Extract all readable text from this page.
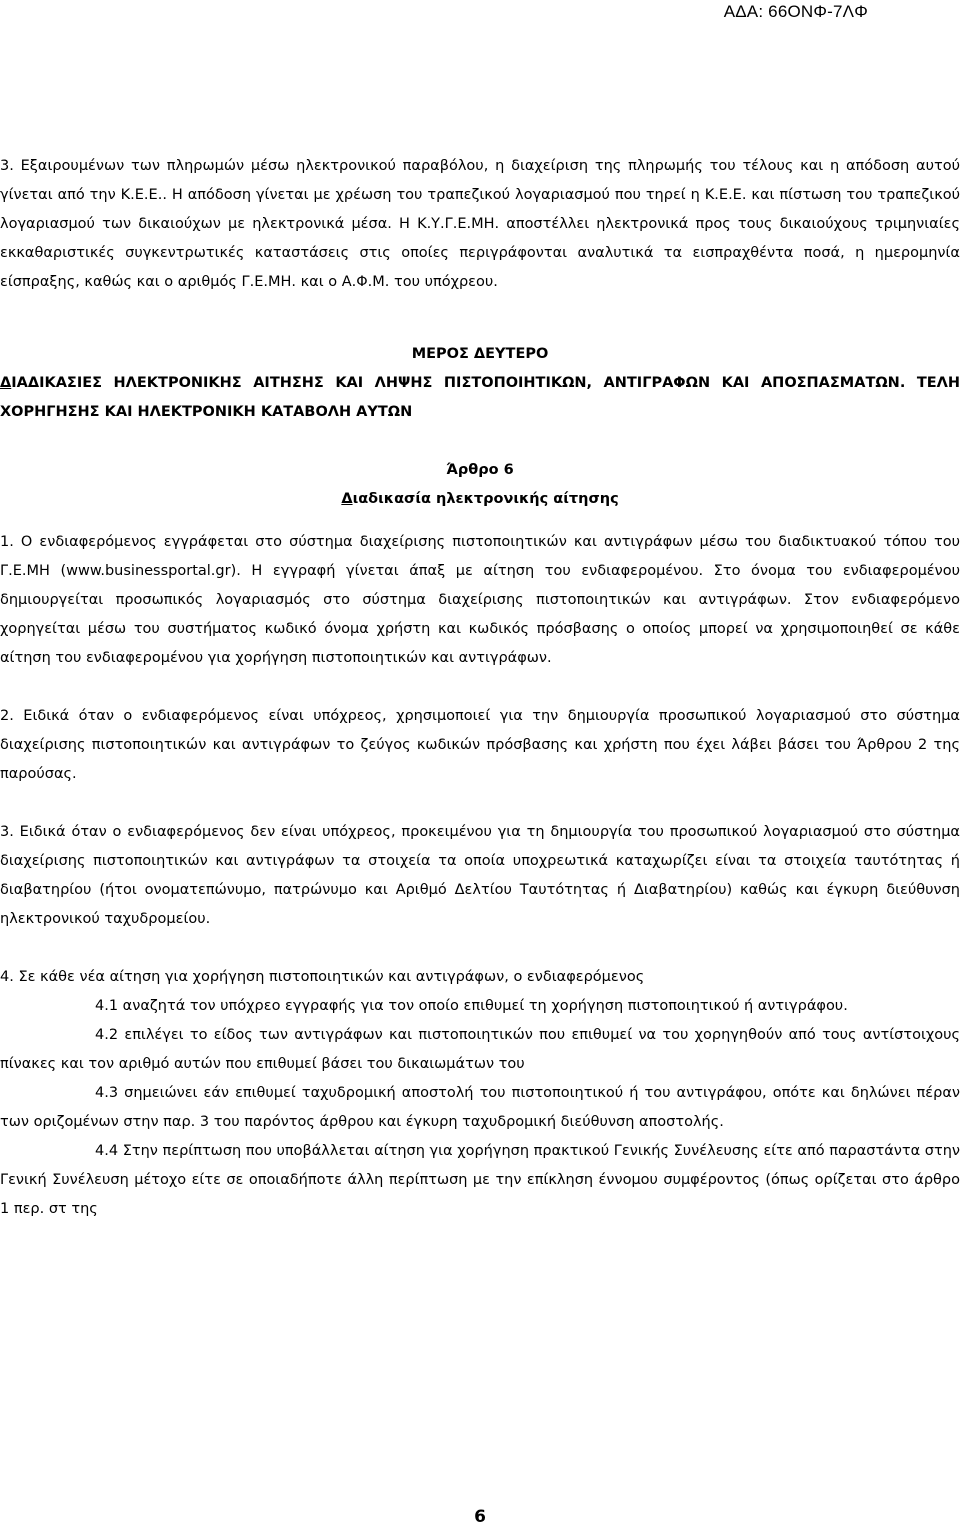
ΑΔΑ: 66ΟΝΦ-7ΛΦ

3. Εξαιρουμένων των πληρωμών μέσω ηλεκτρονικού παραβόλου, η διαχείριση της πληρωμής του τέλους και η απόδοση αυτού γίνεται από την Κ.Ε.Ε.. Η απόδοση γίνεται με χρέωση του τραπεζικού λογαριασμού που τηρεί η Κ.Ε.Ε. και πίστωση του τραπεζικού λογαριασμού των δικαιούχων με ηλεκτρονικά μέσα. Η Κ.Υ.Γ.Ε.ΜΗ. αποστέλλει ηλεκτρονικά προς τους δικαιούχους τριμηνιαίες εκκαθαριστικές συγκεντρωτικές καταστάσεις στις οποίες περιγράφονται αναλυτικά τα εισπραχθέντα ποσά, η ημερομηνία είσπραξης, καθώς και ο αριθμός Γ.Ε.ΜΗ. και ο Α.Φ.Μ. του υπόχρεου.

ΜΕΡΟΣ ΔΕΥΤΕΡΟ

ΔΙΑΔΙΚΑΣΙΕΣ ΗΛΕΚΤΡΟΝΙΚΗΣ ΑΙΤΗΣΗΣ ΚΑΙ ΛΗΨΗΣ ΠΙΣΤΟΠΟΙΗΤΙΚΩΝ, ΑΝΤΙΓΡΑΦΩΝ ΚΑΙ ΑΠΟΣΠΑΣΜΑΤΩΝ. ΤΕΛΗ ΧΟΡΗΓΗΣΗΣ ΚΑΙ ΗΛΕΚΤΡΟΝΙΚΗ ΚΑΤΑΒΟΛΗ ΑΥΤΩΝ

Άρθρο 6

Διαδικασία ηλεκτρονικής αίτησης

1. Ο ενδιαφερόμενος εγγράφεται στο σύστημα διαχείρισης πιστοποιητικών και αντιγράφων μέσω του διαδικτυακού τόπου του Γ.Ε.ΜΗ (www.businessportal.gr). Η εγγραφή γίνεται άπαξ με αίτηση του ενδιαφερομένου. Στο όνομα του ενδιαφερομένου δημιουργείται προσωπικός λογαριασμός στο σύστημα διαχείρισης πιστοποιητικών και αντιγράφων. Στον ενδιαφερόμενο χορηγείται μέσω του συστήματος κωδικό όνομα χρήστη και κωδικός πρόσβασης ο οποίος μπορεί να χρησιμοποιηθεί σε κάθε αίτηση του ενδιαφερομένου για χορήγηση πιστοποιητικών και αντιγράφων.

2. Ειδικά όταν ο ενδιαφερόμενος είναι υπόχρεος, χρησιμοποιεί για την δημιουργία προσωπικού λογαριασμού στο σύστημα διαχείρισης πιστοποιητικών και αντιγράφων το ζεύγος κωδικών πρόσβασης και χρήστη που έχει λάβει βάσει του Άρθρου 2 της παρούσας.

3. Ειδικά όταν ο ενδιαφερόμενος δεν είναι υπόχρεος, προκειμένου για τη δημιουργία του προσωπικού λογαριασμού στο σύστημα διαχείρισης πιστοποιητικών και αντιγράφων τα στοιχεία τα οποία υποχρεωτικά καταχωρίζει είναι τα στοιχεία ταυτότητας ή διαβατηρίου (ήτοι ονοματεπώνυμο, πατρώνυμο και Αριθμό Δελτίου Ταυτότητας ή Διαβατηρίου) καθώς και έγκυρη διεύθυνση ηλεκτρονικού ταχυδρομείου.

4. Σε κάθε νέα αίτηση για χορήγηση πιστοποιητικών και αντιγράφων, ο ενδιαφερόμενος

4.1 αναζητά τον υπόχρεο εγγραφής για τον οποίο επιθυμεί τη χορήγηση πιστοποιητικού ή αντιγράφου.

4.2 επιλέγει το είδος των αντιγράφων και πιστοποιητικών που επιθυμεί να του χορηγηθούν από τους αντίστοιχους πίνακες και τον αριθμό αυτών που επιθυμεί βάσει του δικαιωμάτων του

4.3 σημειώνει εάν επιθυμεί ταχυδρομική αποστολή του πιστοποιητικού ή του αντιγράφου, οπότε και δηλώνει πέραν των οριζομένων στην παρ. 3 του παρόντος άρθρου και έγκυρη ταχυδρομική διεύθυνση αποστολής.

4.4 Στην περίπτωση που υποβάλλεται αίτηση για χορήγηση πρακτικού Γενικής Συνέλευσης είτε από παραστάντα στην Γενική Συνέλευση μέτοχο είτε σε οποιαδήποτε άλλη περίπτωση με την επίκληση έννομου συμφέροντος (όπως ορίζεται στο άρθρο 1 περ. στ της

6
